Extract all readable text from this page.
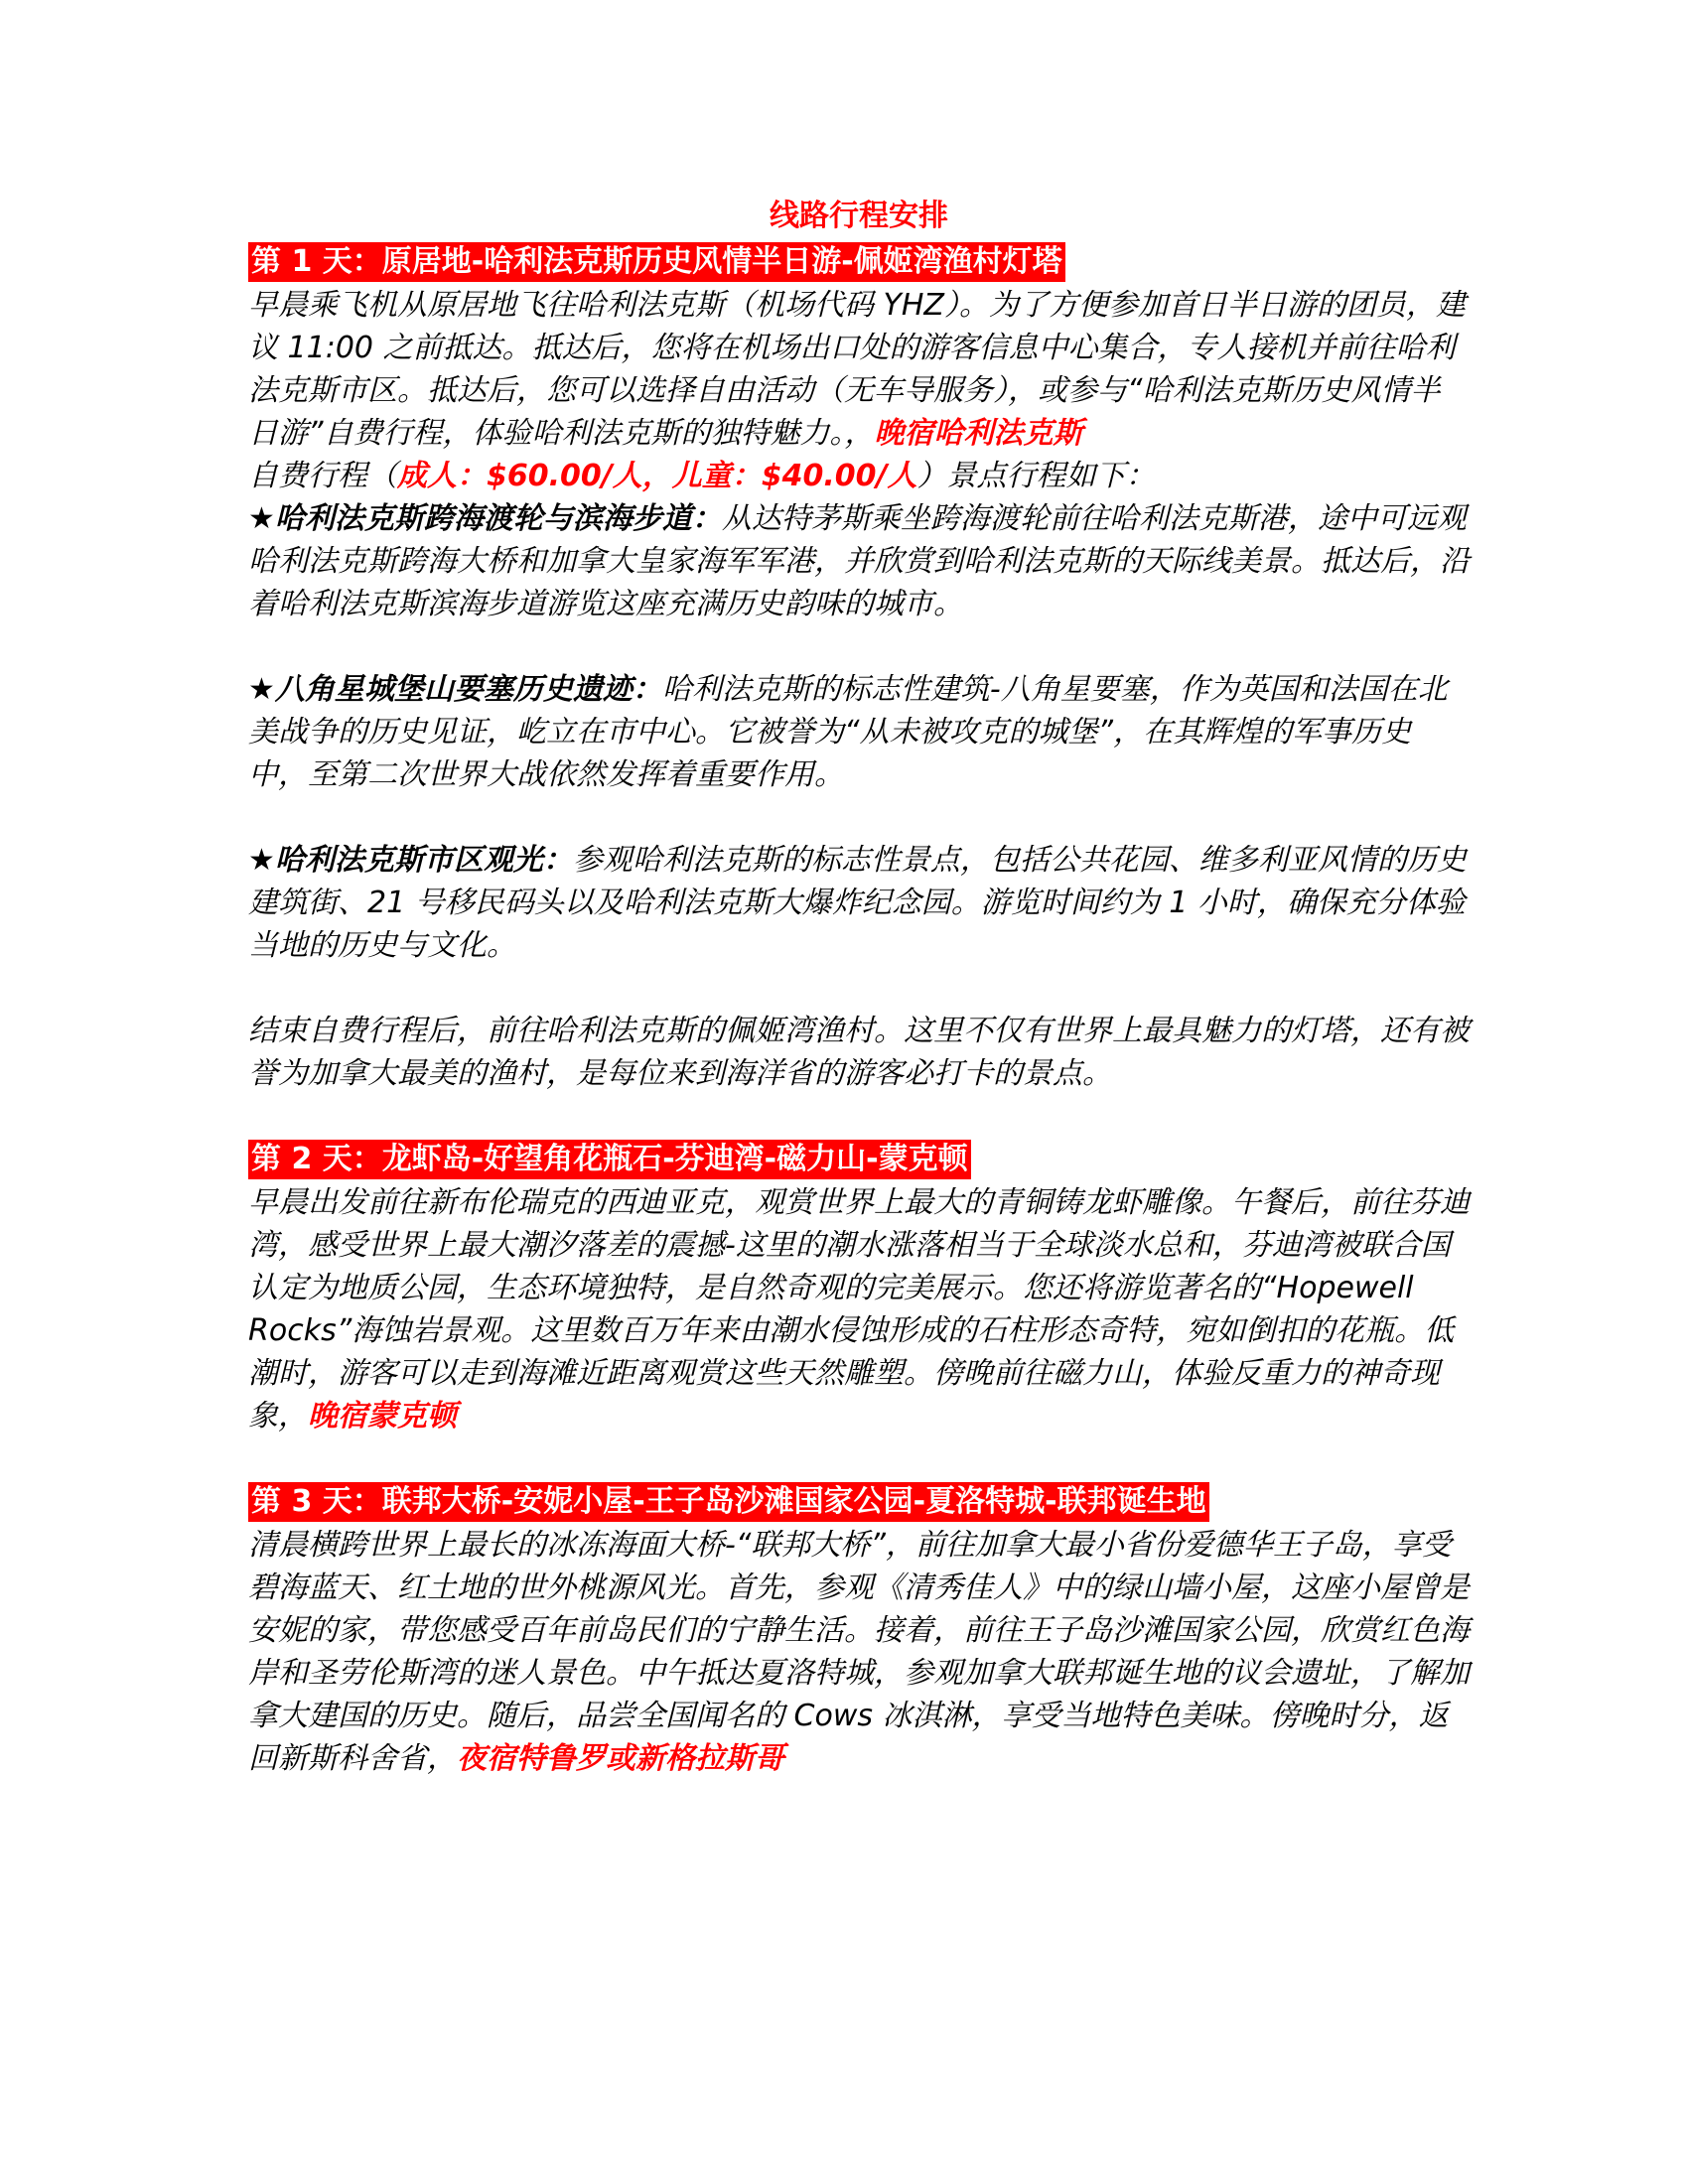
线路行程安排
第 1 天：原居地-哈利法克斯历史风情半日游-佩姬湾渔村灯塔

早晨乘飞机从原居地飞往哈利法克斯（机场代码 YHZ）。为了方便参加首日半日游的团员，建议 11:00 之前抵达。抵达后，您将在机场出口处的游客信息中心集合，专人接机并前往哈利法克斯市区。抵达后，您可以选择自由活动（无车导服务），或参与“哈利法克斯历史风情半日游”自费行程，体验哈利法克斯的独特魅力。，晚宿哈利法克斯

自费行程（成人：$60.00/人，儿童：$40.00/人）景点行程如下：

★哈利法克斯跨海渡轮与滨海步道：从达特茅斯乘坐跨海渡轮前往哈利法克斯港，途中可远观哈利法克斯跨海大桥和加拿大皇家海军军港，并欣赏到哈利法克斯的天际线美景。抵达后，沿着哈利法克斯滨海步道游览这座充满历史韵味的城市。

★八角星城堡山要塞历史遗迹：哈利法克斯的标志性建筑-八角星要塞，作为英国和法国在北美战争的历史见证，屹立在市中心。它被誉为“从未被攻克的城堡”，在其辉煌的军事历史中，至第二次世界大战依然发挥着重要作用。

★哈利法克斯市区观光：参观哈利法克斯的标志性景点，包括公共花园、维多利亚风情的历史建筑街、21 号移民码头以及哈利法克斯大爆炸纪念园。游览时间约为 1 小时，确保充分体验当地的历史与文化。

结束自费行程后，前往哈利法克斯的佩姬湾渔村。这里不仅有世界上最具魅力的灯塔，还有被誉为加拿大最美的渔村，是每位来到海洋省的游客必打卡的景点。

第 2 天：龙虾岛-好望角花瓶石-芬迪湾-磁力山-蒙克顿

早晨出发前往新布伦瑞克的西迪亚克，观赏世界上最大的青铜铸龙虾雕像。午餐后，前往芬迪湾，感受世界上最大潮汐落差的震撼-这里的潮水涨落相当于全球淡水总和，芬迪湾被联合国认定为地质公园，生态环境独特，是自然奇观的完美展示。您还将游览著名的“Hopewell Rocks”海蚀岩景观。这里数百万年来由潮水侵蚀形成的石柱形态奇特，宛如倒扣的花瓶。低潮时，游客可以走到海滩近距离观赏这些天然雕塑。傍晚前往磁力山，体验反重力的神奇现象，晚宿蒙克顿

第 3 天：联邦大桥-安妮小屋-王子岛沙滩国家公园-夏洛特城-联邦诞生地

清晨横跨世界上最长的冰冻海面大桥-“联邦大桥”，前往加拿大最小省份爱德华王子岛，享受碧海蓝天、红土地的世外桃源风光。首先，参观《清秀佳人》中的绿山墙小屋，这座小屋曾是安妮的家，带您感受百年前岛民们的宁静生活。接着，前往王子岛沙滩国家公园，欣赏红色海岸和圣劳伦斯湾的迷人景色。中午抵达夏洛特城，参观加拿大联邦诞生地的议会遗址，了解加拿大建国的历史。随后，品尝全国闻名的 Cows 冰淇淋，享受当地特色美味。傍晚时分，返回新斯科舍省，夜宿特鲁罗或新格拉斯哥
